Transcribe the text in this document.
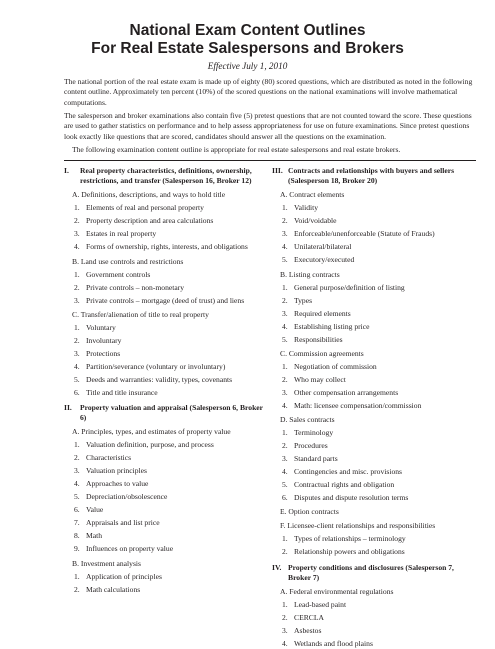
National Exam Content Outlines
For Real Estate Salespersons and Brokers
Effective July 1, 2010

The national portion of the real estate exam is made up of eighty (80) scored questions, which are distributed as noted in the following content outline. Approximately ten percent (10%) of the scored questions on the national examinations will involve mathematical computations.

The salesperson and broker examinations also contain five (5) pretest questions that are not counted toward the score. These questions are used to gather statistics on performance and to help assess appropriateness for use on future examinations. Since pretest questions look exactly like questions that are scored, candidates should answer all the questions on the examination.

The following examination content outline is appropriate for real estate salespersons and real estate brokers.

I. Real property characteristics, definitions, ownership, restrictions, and transfer (Salesperson 16, Broker 12)
A. Definitions, descriptions, and ways to hold title
1. Elements of real and personal property
2. Property description and area calculations
3. Estates in real property
4. Forms of ownership, rights, interests, and obligations
B. Land use controls and restrictions
1. Government controls
2. Private controls – non-monetary
3. Private controls – mortgage (deed of trust) and liens
C. Transfer/alienation of title to real property
1. Voluntary
2. Involuntary
3. Protections
4. Partition/severance (voluntary or involuntary)
5. Deeds and warranties: validity, types, covenants
6. Title and title insurance
II. Property valuation and appraisal (Salesperson 6, Broker 6)
A. Principles, types, and estimates of property value
1. Valuation definition, purpose, and process
2. Characteristics
3. Valuation principles
4. Approaches to value
5. Depreciation/obsolescence
6. Value
7. Appraisals and list price
8. Math
9. Influences on property value
B. Investment analysis
1. Application of principles
2. Math calculations
III. Contracts and relationships with buyers and sellers (Salesperson 18, Broker 20)
A. Contract elements
1. Validity
2. Void/voidable
3. Enforceable/unenforceable (Statute of Frauds)
4. Unilateral/bilateral
5. Executory/executed
B. Listing contracts
1. General purpose/definition of listing
2. Types
3. Required elements
4. Establishing listing price
5. Responsibilities
C. Commission agreements
1. Negotiation of commission
2. Who may collect
3. Other compensation arrangements
4. Math: licensee compensation/commission
D. Sales contracts
1. Terminology
2. Procedures
3. Standard parts
4. Contingencies and misc. provisions
5. Contractual rights and obligation
6. Disputes and dispute resolution terms
E. Option contracts
F. Licensee-client relationships and responsibilities
1. Types of relationships – terminology
2. Relationship powers and obligations
IV. Property conditions and disclosures (Salesperson 7, Broker 7)
A. Federal environmental regulations
1. Lead-based paint
2. CERCLA
3. Asbestos
4. Wetlands and flood plains
